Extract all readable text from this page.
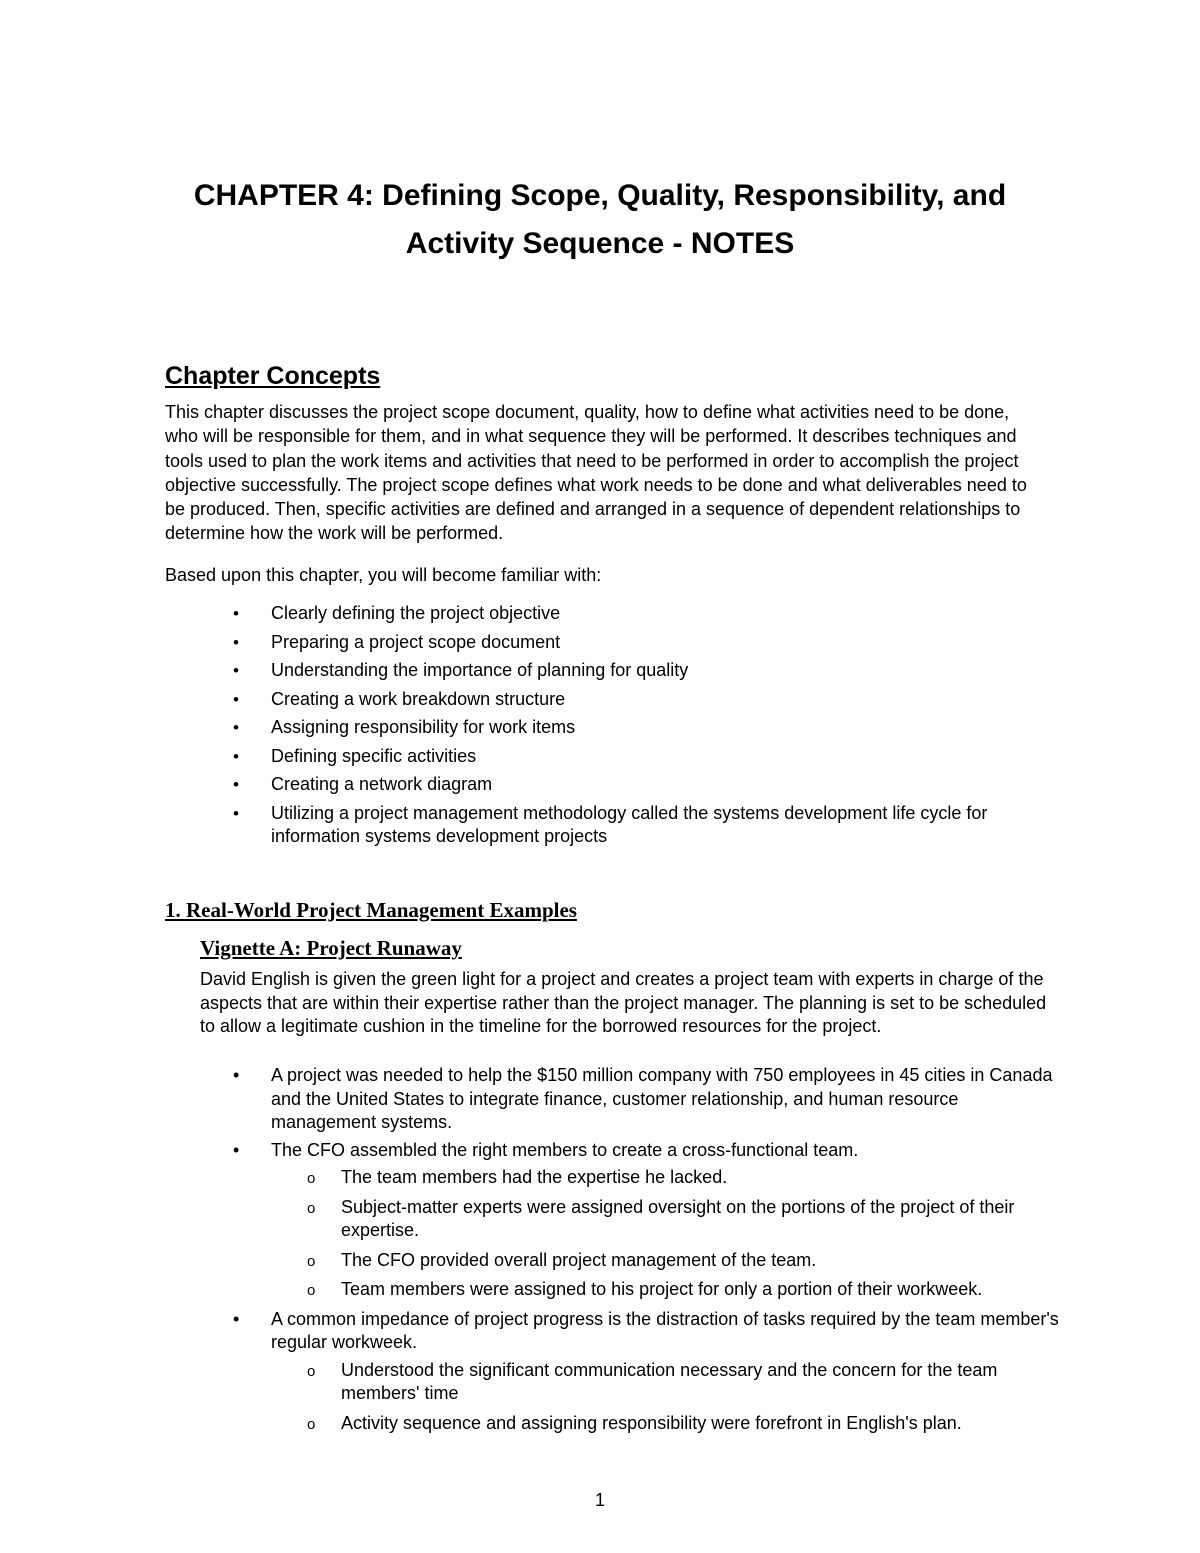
CHAPTER 4: Defining Scope, Quality, Responsibility, and
Activity Sequence - NOTES
Chapter Concepts

This chapter discusses the project scope document, quality, how to define what activities need to be done, who will be responsible for them, and in what sequence they will be performed. It describes techniques and tools used to plan the work items and activities that need to be performed in order to accomplish the project objective successfully. The project scope defines what work needs to be done and what deliverables need to be produced. Then, specific activities are defined and arranged in a sequence of dependent relationships to determine how the work will be performed.

Based upon this chapter, you will become familiar with:

• Clearly defining the project objective
• Preparing a project scope document
• Understanding the importance of planning for quality
• Creating a work breakdown structure
• Assigning responsibility for work items
• Defining specific activities
• Creating a network diagram
• Utilizing a project management methodology called the systems development life cycle for information systems development projects
1. Real-World Project Management Examples
Vignette A: Project Runaway

David English is given the green light for a project and creates a project team with experts in charge of the aspects that are within their expertise rather than the project manager. The planning is set to be scheduled to allow a legitimate cushion in the timeline for the borrowed resources for the project.

• A project was needed to help the $150 million company with 750 employees in 45 cities in Canada and the United States to integrate finance, customer relationship, and human resource management systems.
• The CFO assembled the right members to create a cross-functional team.
o The team members had the expertise he lacked.
o Subject-matter experts were assigned oversight on the portions of the project of their expertise.
o The CFO provided overall project management of the team.
o Team members were assigned to his project for only a portion of their workweek.
• A common impedance of project progress is the distraction of tasks required by the team member's regular workweek.
o Understood the significant communication necessary and the concern for the team members' time
o Activity sequence and assigning responsibility were forefront in English's plan.
1
